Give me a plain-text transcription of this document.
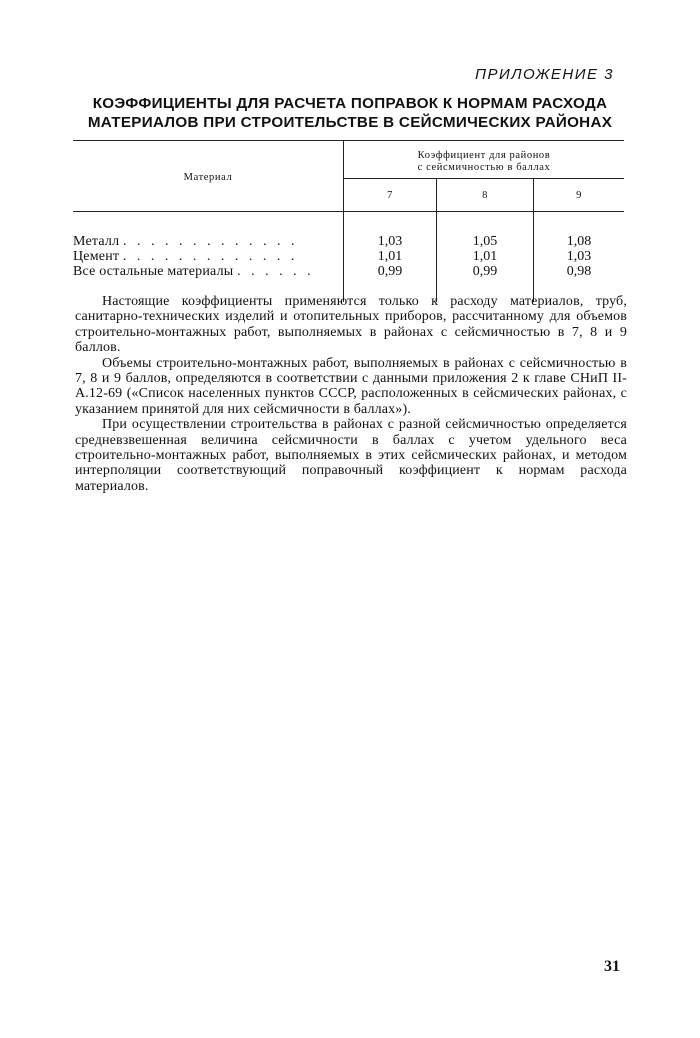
ПРИЛОЖЕНИЕ 3
КОЭФФИЦИЕНТЫ ДЛЯ РАСЧЕТА ПОПРАВОК К НОРМАМ РАСХОДА
МАТЕРИАЛОВ ПРИ СТРОИТЕЛЬСТВЕ В СЕЙСМИЧЕСКИХ РАЙОНАХ
Материал
Коэффициент для районов
с сейсмичностью в баллах
7	8	9
Металл . . . . . . . . . . . . .	1,03	1,05	1,08
Цемент . . . . . . . . . . . . .	1,01	1,01	1,03
Все остальные материалы . . . . . .	0,99	0,99	0,98

Настоящие коэффициенты применяются только к расходу материалов, труб, санитарно-технических изделий и отопительных приборов, рассчитанному для объемов строительно-монтажных работ, выполняемых в районах с сейсмичностью в 7, 8 и 9 баллов.

Объемы строительно-монтажных работ, выполняемых в районах с сейсмичностью в 7, 8 и 9 баллов, определяются в соответствии с данными приложения 2 к главе СНиП II-А.12-69 («Список населенных пунктов СССР, расположенных в сейсмических районах, с указанием принятой для них сейсмичности в баллах»).

При осуществлении строительства в районах с разной сейсмичностью определяется средневзвешенная величина сейсмичности в баллах с учетом удельного веса строительно-монтажных работ, выполняемых в этих сейсмических районах, и методом интерполяции соответствующий поправочный коэффициент к нормам расхода материалов.

31
